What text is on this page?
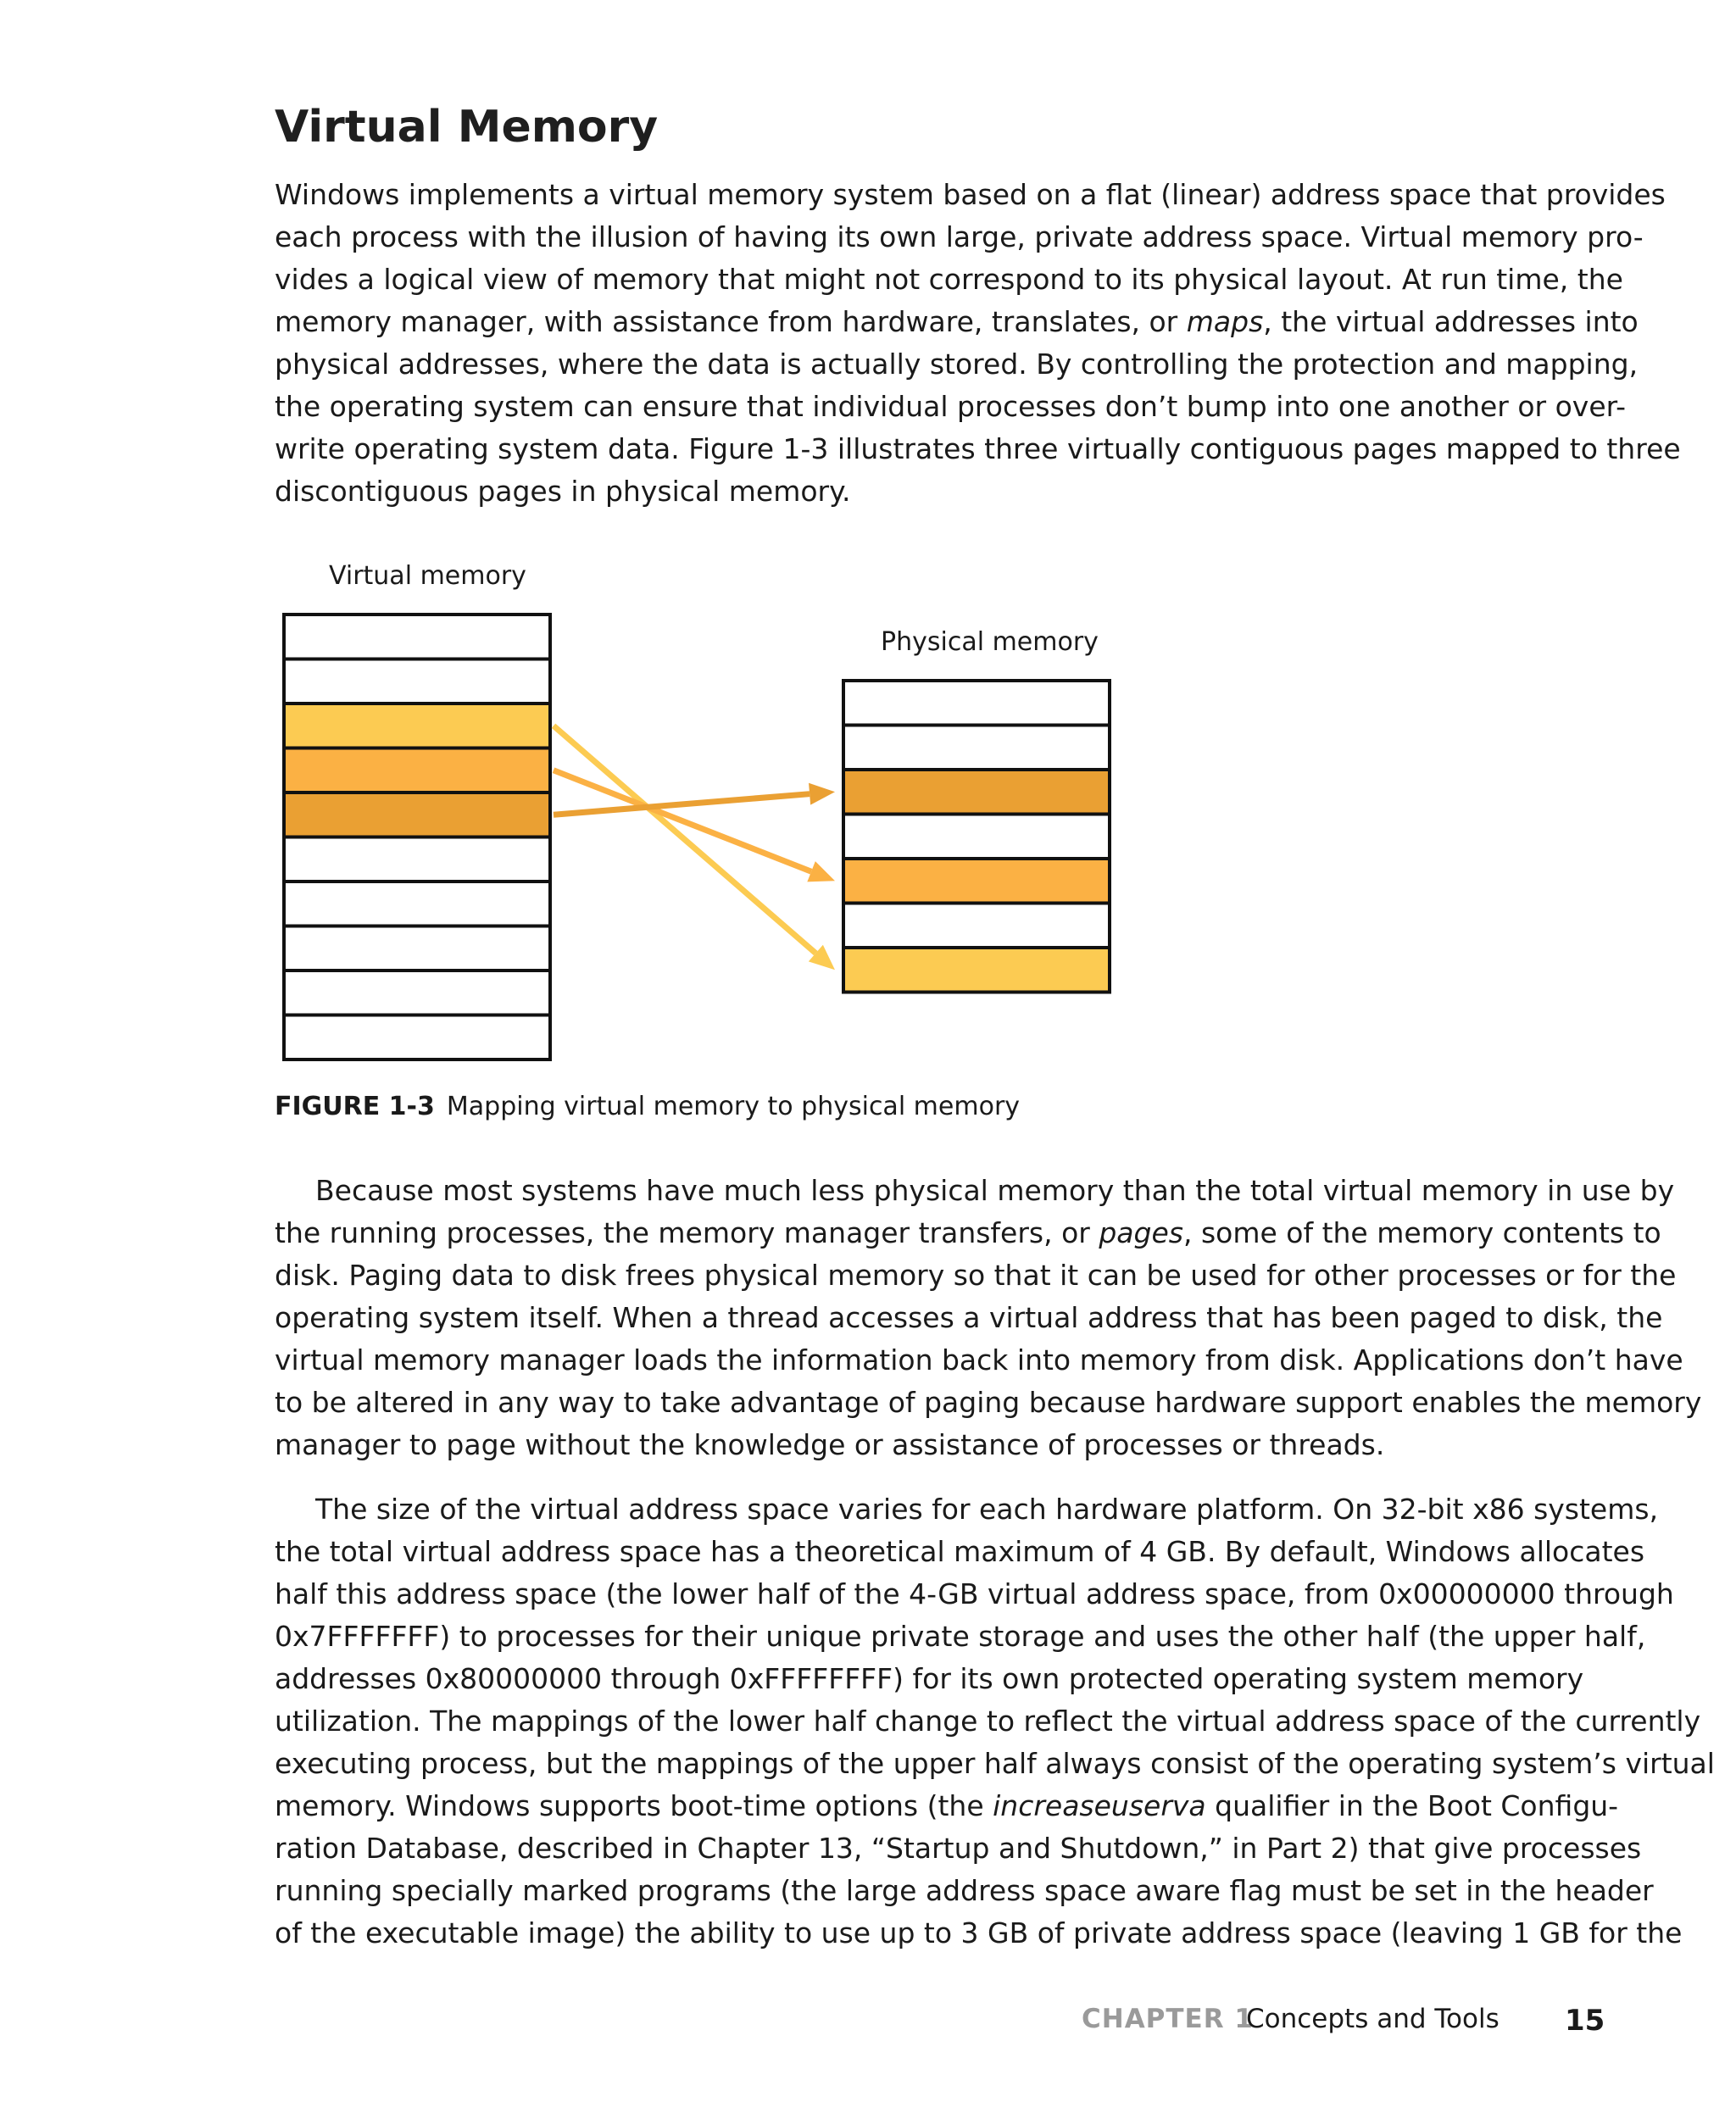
Virtual Memory

Windows implements a virtual memory system based on a flat (linear) address space that provides
each process with the illusion of having its own large, private address space. Virtual memory pro-
vides a logical view of memory that might not correspond to its physical layout. At run time, the
memory manager, with assistance from hardware, translates, or maps, the virtual addresses into
physical addresses, where the data is actually stored. By controlling the protection and mapping,
the operating system can ensure that individual processes don’t bump into one another or over-
write operating system data. Figure 1-3 illustrates three virtually contiguous pages mapped to three
discontiguous pages in physical memory.

Virtual memory
Physical memory
FIGURE 1-3 Mapping virtual memory to physical memory

Because most systems have much less physical memory than the total virtual memory in use by
the running processes, the memory manager transfers, or pages, some of the memory contents to
disk. Paging data to disk frees physical memory so that it can be used for other processes or for the
operating system itself. When a thread accesses a virtual address that has been paged to disk, the
virtual memory manager loads the information back into memory from disk. Applications don’t have
to be altered in any way to take advantage of paging because hardware support enables the memory
manager to page without the knowledge or assistance of processes or threads.

The size of the virtual address space varies for each hardware platform. On 32-bit x86 systems,
the total virtual address space has a theoretical maximum of 4 GB. By default, Windows allocates
half this address space (the lower half of the 4-GB virtual address space, from 0x00000000 through
0x7FFFFFFF) to processes for their unique private storage and uses the other half (the upper half,
addresses 0x80000000 through 0xFFFFFFFF) for its own protected operating system memory
utilization. The mappings of the lower half change to reflect the virtual address space of the currently
executing process, but the mappings of the upper half always consist of the operating system’s virtual
memory. Windows supports boot-time options (the increaseuserva qualifier in the Boot Configu-
ration Database, described in Chapter 13, “Startup and Shutdown,” in Part 2) that give processes
running specially marked programs (the large address space aware flag must be set in the header
of the executable image) the ability to use up to 3 GB of private address space (leaving 1 GB for the

CHAPTER 1
Concepts and Tools 15
